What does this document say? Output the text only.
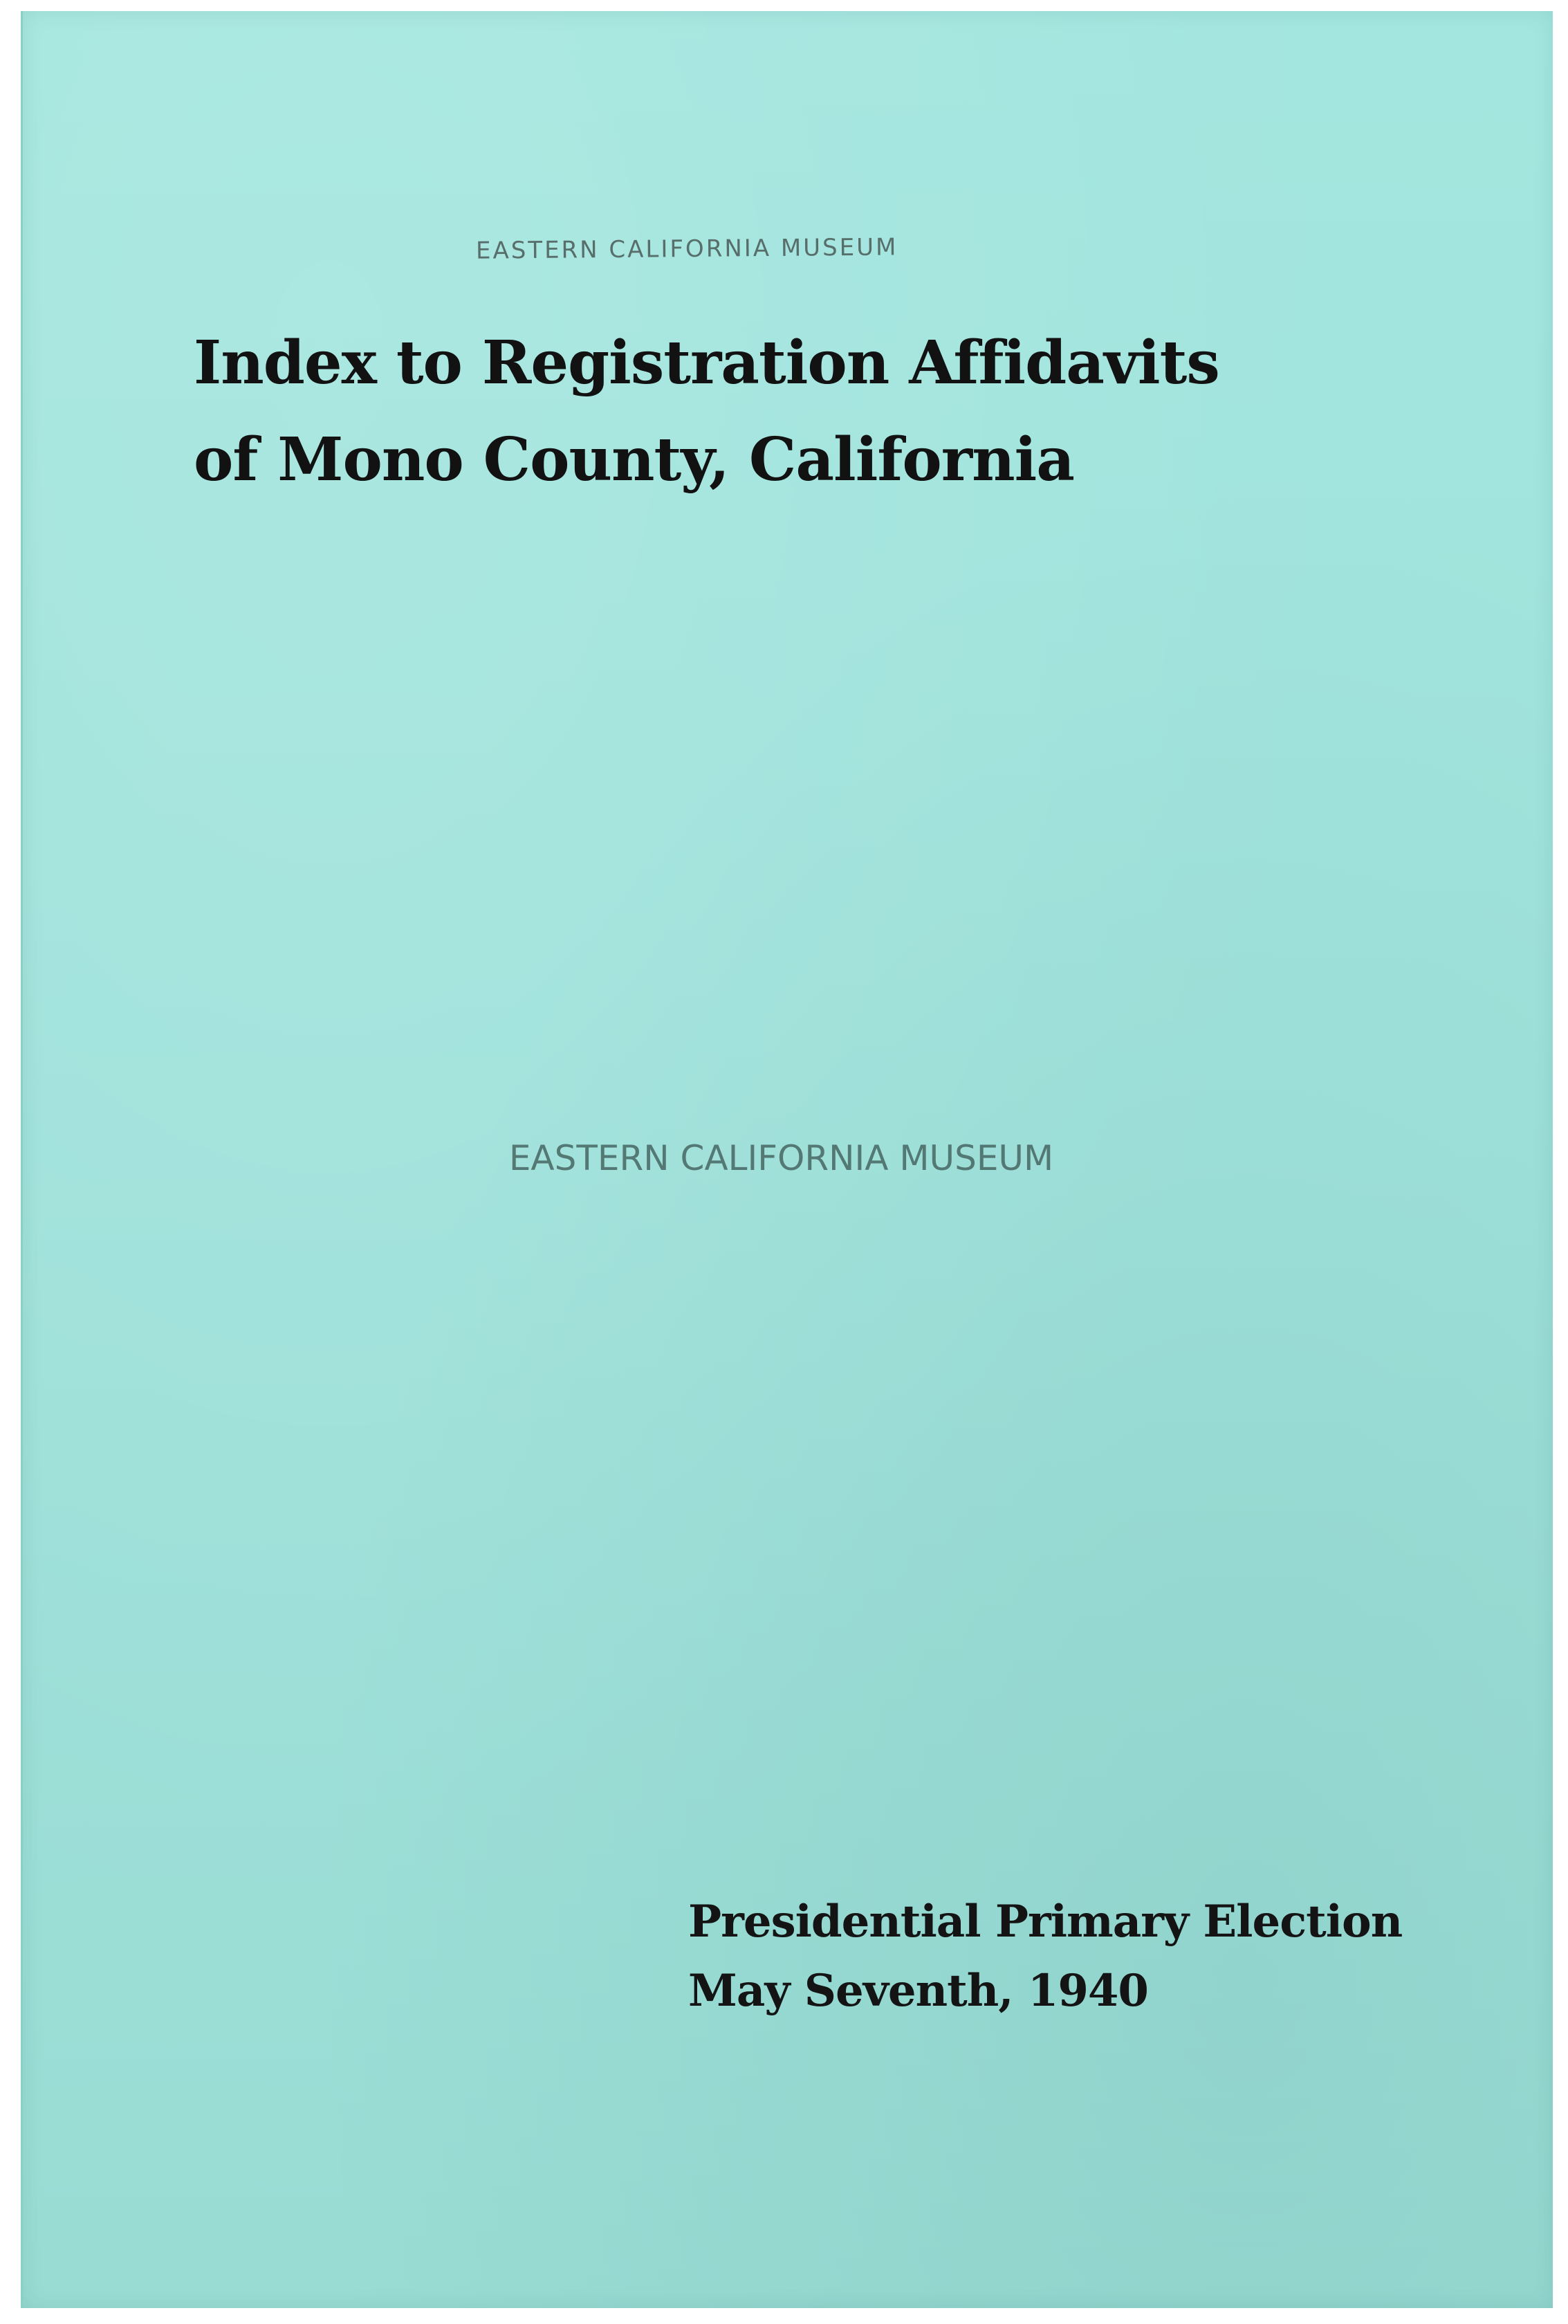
EASTERN CALIFORNIA MUSEUM
Index to Registration Affidavits
of Mono County, California
EASTERN CALIFORNIA MUSEUM
Presidential Primary Election
May Seventh, 1940
